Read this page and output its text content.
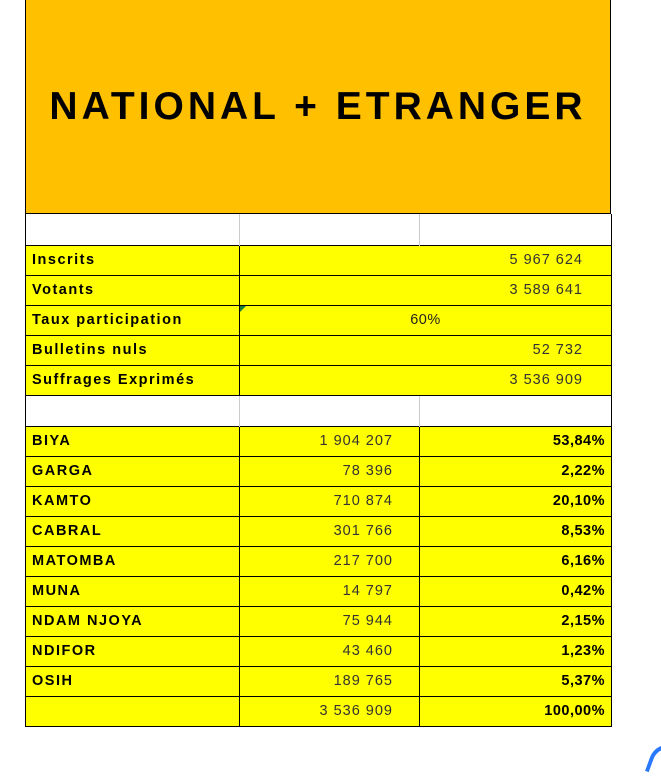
NATIONAL + ETRANGER

Inscrits	5 967 624	
Votants	3 589 641	
Taux participation	60%	
Bulletins nuls	52 732	
Suffrages Exprimés	3 536 909	

BIYA	1 904 207	53,84%
GARGA	78 396	2,22%
KAMTO	710 874	20,10%
CABRAL	301 766	8,53%
MATOMBA	217 700	6,16%
MUNA	14 797	0,42%
NDAM NJOYA	75 944	2,15%
NDIFOR	43 460	1,23%
OSIH	189 765	5,37%
	3 536 909	100,00%
